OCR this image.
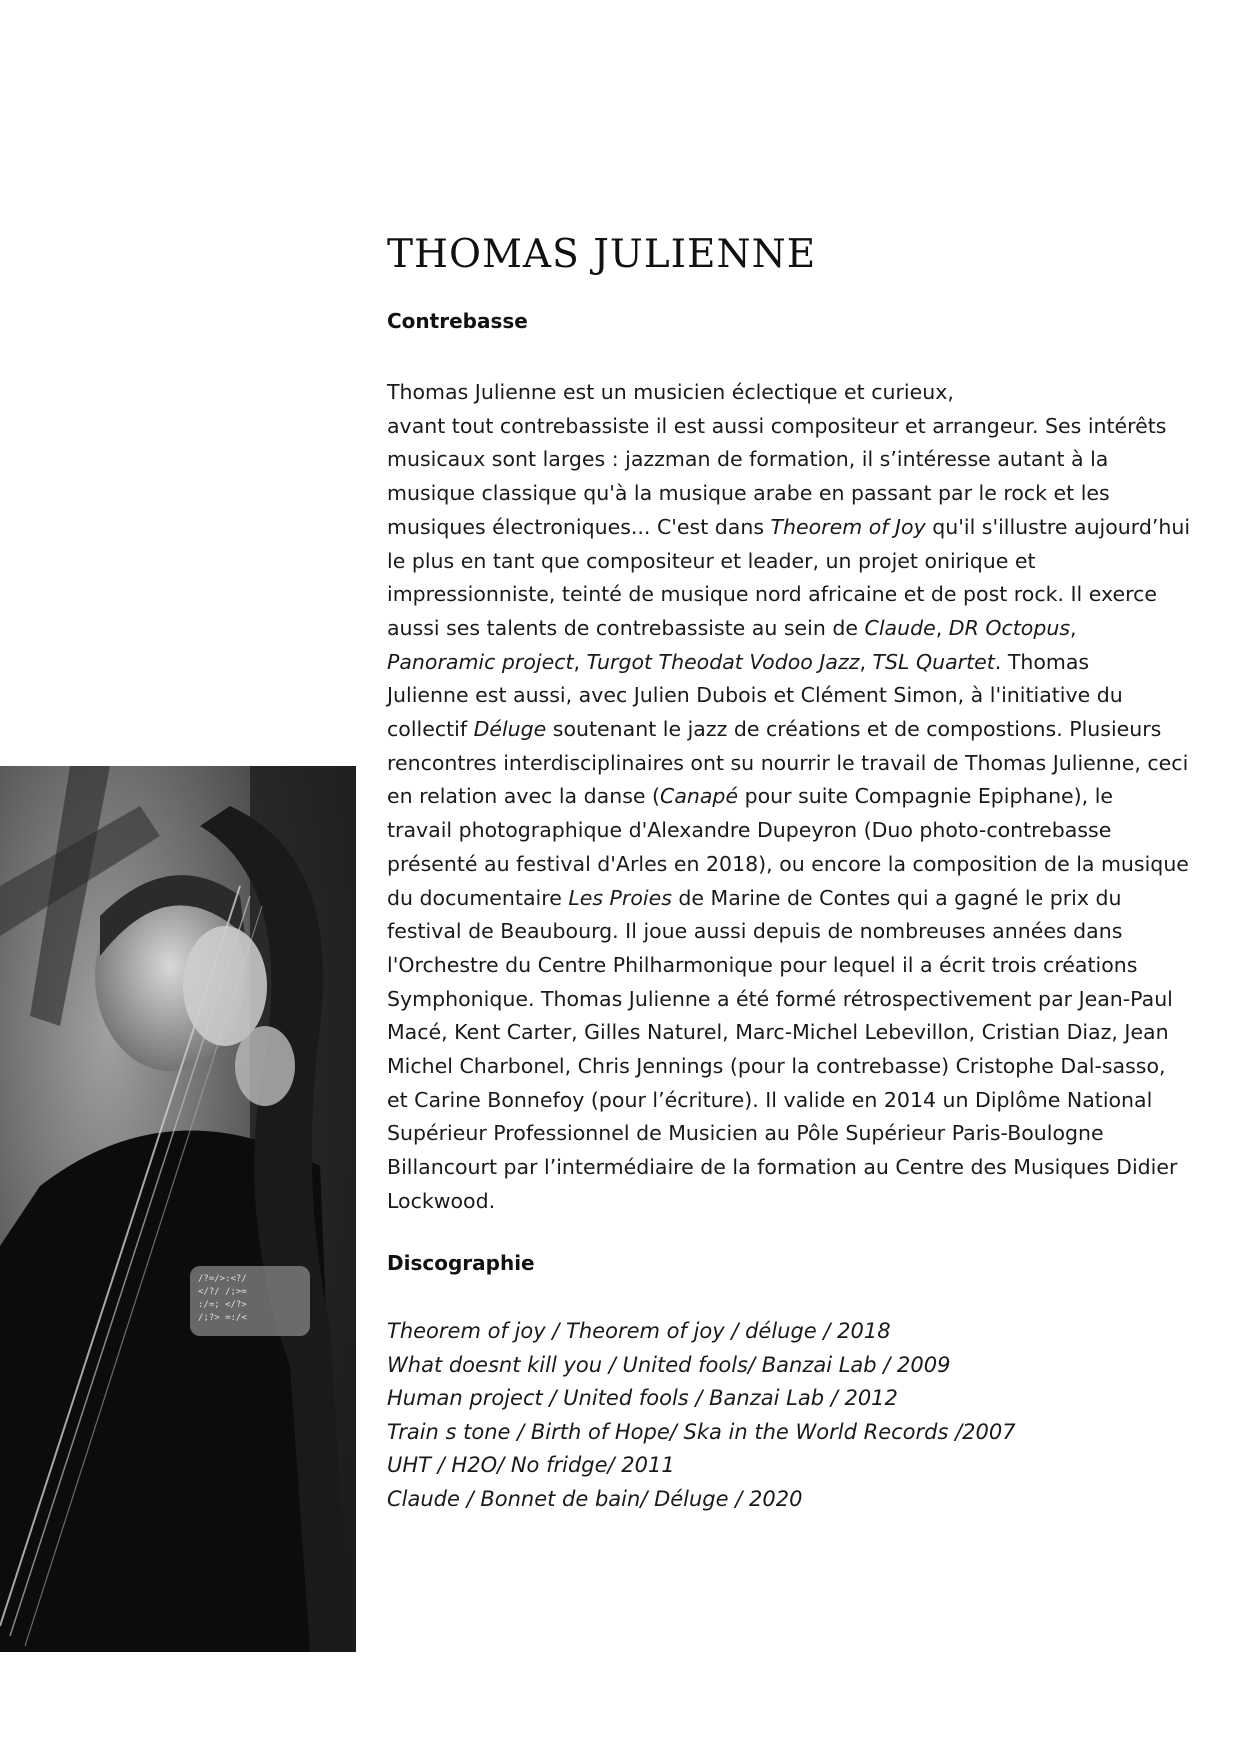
THOMAS JULIENNE
Contrebasse
Thomas Julienne est un musicien éclectique et curieux,
avant tout contrebassiste il est aussi compositeur et arrangeur. Ses intérêts
musicaux sont larges : jazzman de formation, il s’intéresse autant à la
musique classique qu'à la musique arabe en passant par le rock et les
musiques électroniques... C'est dans Theorem of Joy qu'il s'illustre aujourd’hui
le plus en tant que compositeur et leader, un projet onirique et
impressionniste, teinté de musique nord africaine et de post rock. Il exerce
aussi ses talents de contrebassiste au sein de Claude, DR Octopus,
Panoramic project, Turgot Theodat Vodoo Jazz, TSL Quartet. Thomas
Julienne est aussi, avec Julien Dubois et Clément Simon, à l'initiative du
collectif Déluge soutenant le jazz de créations et de compostions. Plusieurs
rencontres interdisciplinaires ont su nourrir le travail de Thomas Julienne, ceci
en relation avec la danse (Canapé pour suite Compagnie Epiphane), le
travail photographique d'Alexandre Dupeyron (Duo photo-contrebasse
présenté au festival d'Arles en 2018), ou encore la composition de la musique
du documentaire Les Proies de Marine de Contes qui a gagné le prix du
festival de Beaubourg. Il joue aussi depuis de nombreuses années dans
l'Orchestre du Centre Philharmonique pour lequel il a écrit trois créations
Symphonique. Thomas Julienne a été formé rétrospectivement par Jean-Paul
Macé, Kent Carter, Gilles Naturel, Marc-Michel Lebevillon, Cristian Diaz, Jean
Michel Charbonel, Chris Jennings (pour la contrebasse) Cristophe Dal-sasso,
et Carine Bonnefoy (pour l’écriture). Il valide en 2014 un Diplôme National
Supérieur Professionnel de Musicien au Pôle Supérieur Paris-Boulogne
Billancourt par l’intermédiaire de la formation au Centre des Musiques Didier
Lockwood.
Discographie
Theorem of joy / Theorem of joy / déluge / 2018
What doesnt kill you / United fools/ Banzai Lab / 2009
Human project / United fools / Banzai Lab / 2012
Train s tone / Birth of Hope/ Ska in the World Records /2007
UHT / H2O/ No fridge/ 2011
Claude / Bonnet de bain/ Déluge / 2020
/?=/>:<?/
</?/ /;>=
:/=; </?>
/;?> =:/<
